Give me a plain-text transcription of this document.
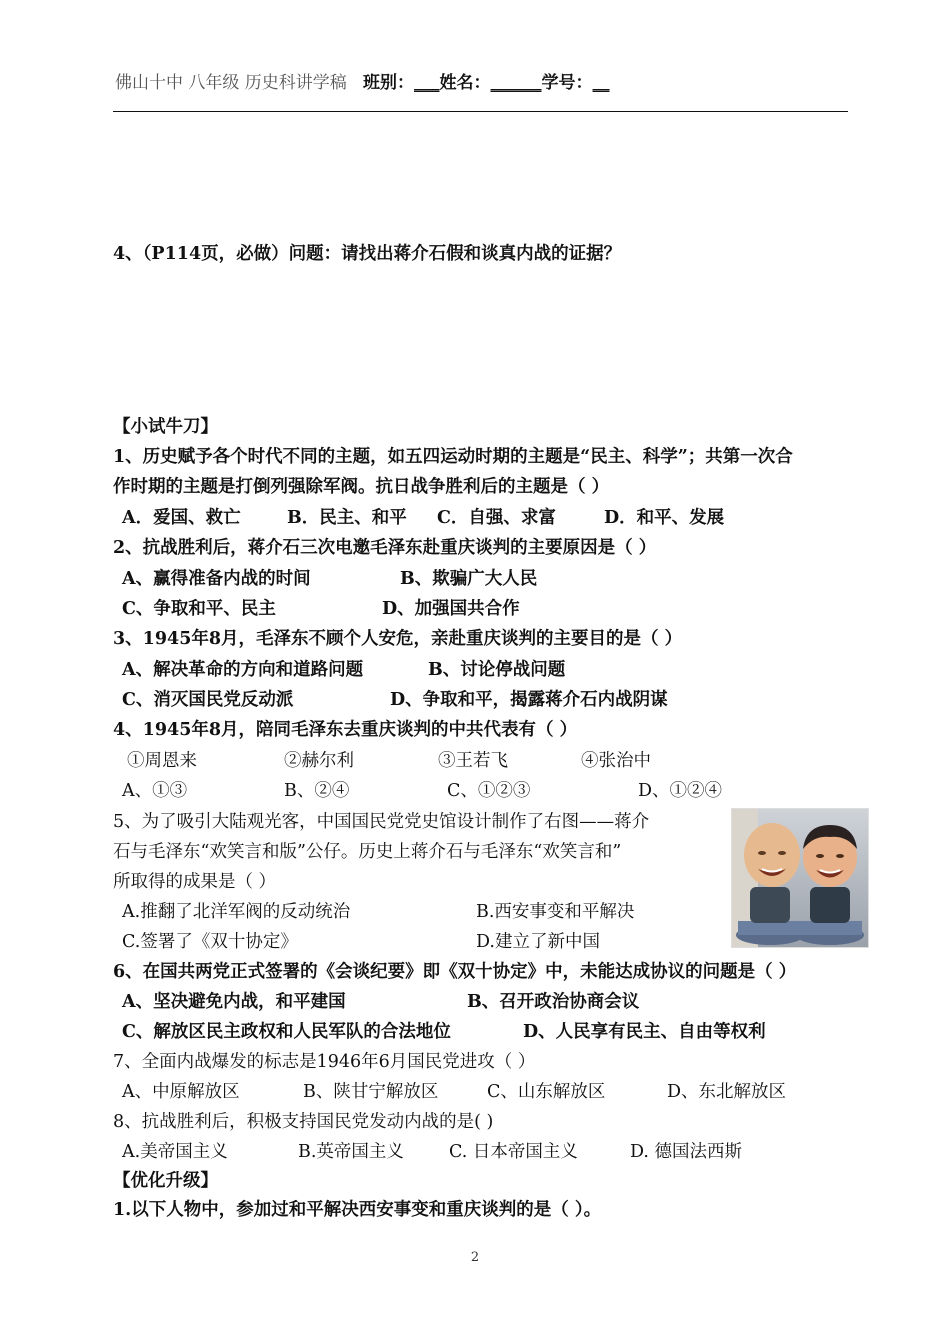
佛山十中 八年级 历史科讲学稿 班别：___姓名：______学号：__
4、（P114页，必做）问题：请找出蒋介石假和谈真内战的证据？
【小试牛刀】
1、历史赋予各个时代不同的主题，如五四运动时期的主题是“民主、科学”；共第一次合
作时期的主题是打倒列强除军阀。抗日战争胜利后的主题是（ ）
A．爱国、救亡	B．民主、和平 C．自强、求富	D．和平、发展
2、抗战胜利后，蒋介石三次电邀毛泽东赴重庆谈判的主要原因是（ ）
A、赢得准备内战的时间	B、欺骗广大人民
C、争取和平、民主	D、加强国共合作
3、1945年8月，毛泽东不顾个人安危，亲赴重庆谈判的主要目的是（ ）
A、解决革命的方向和道路问题	B、讨论停战问题
C、消灭国民党反动派	D、争取和平，揭露蒋介石内战阴谋
4、1945年8月，陪同毛泽东去重庆谈判的中共代表有（ ）
①周恩来	②赫尔利	③王若飞	④张治中
A、①③	B、②④	C、①②③	D、①②④
5、为了吸引大陆观光客，中国国民党党史馆设计制作了右图——蒋介
石与毛泽东“欢笑言和版”公仔。历史上蒋介石与毛泽东“欢笑言和”
所取得的成果是（ ）
A.推翻了北洋军阀的反动统治	B.西安事变和平解决
C.签署了《双十协定》	D.建立了新中国
6、在国共两党正式签署的《会谈纪要》即《双十协定》中，未能达成协议的问题是（ ）
A、坚决避免内战，和平建国	B、召开政治协商会议
C、解放区民主政权和人民军队的合法地位	D、人民享有民主、自由等权利
7、全面内战爆发的标志是1946年6月国民党进攻（ ）
A、中原解放区	B、陕甘宁解放区	C、山东解放区	D、东北解放区
8、抗战胜利后，积极支持国民党发动内战的是( )
A.美帝国主义	B.英帝国主义	C. 日本帝国主义	D. 德国法西斯
【优化升级】
1.以下人物中，参加过和平解决西安事变和重庆谈判的是（ ）。
2
